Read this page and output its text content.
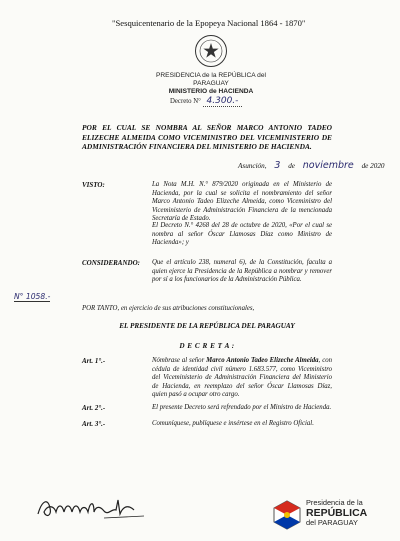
"Sesquicentenario de la Epopeya Nacional 1864 - 1870"
PRESIDENCIA de la REPÚBLICA del PARAGUAY
MINISTERIO de HACIENDA
Decreto N° 4.300.-
POR EL CUAL SE NOMBRA AL SEÑOR MARCO ANTONIO TADEO ELIZECHE ALMEIDA COMO VICEMINISTRO DEL VICEMINISTERIO DE ADMINISTRACIÓN FINANCIERA DEL MINISTERIO DE HACIENDA.
Asunción, 3 de noviembre de 2020
VISTO:	La Nota M.H. N.° 879/2020 originada en el Ministerio de Hacienda, por la cual se solicita el nombramiento del señor Marco Antonio Tadeo Elizeche Almeida, como Viceministro del Viceministerio de Administración Financiera de la mencionada Secretaría de Estado.
El Decreto N.° 4268 del 28 de octubre de 2020, «Por el cual se nombra al señor Óscar Llamosas Díaz como Ministro de Hacienda»; y
CONSIDERANDO: Que el artículo 238, numeral 6), de la Constitución, faculta a quien ejerce la Presidencia de la República a nombrar y remover por sí a los funcionarios de la Administración Pública.
N° 1058.-
POR TANTO, en ejercicio de sus atribuciones constitucionales,
EL PRESIDENTE DE LA REPÚBLICA DEL PARAGUAY
D E C R E T A :
Art. 1°.-	Nómbrase al señor Marco Antonio Tadeo Elizeche Almeida, con cédula de identidad civil número 1.683.577, como Viceministro del Viceministerio de Administración Financiera del Ministerio de Hacienda, en reemplazo del señor Óscar Llamosas Díaz, quien pasó a ocupar otro cargo.
Art. 2°.-	El presente Decreto será refrendado por el Ministro de Hacienda.
Art. 3°.-	Comuníquese, publíquese e insértese en el Registro Oficial.
Presidencia de la
REPÚBLICA
del PARAGUAY
